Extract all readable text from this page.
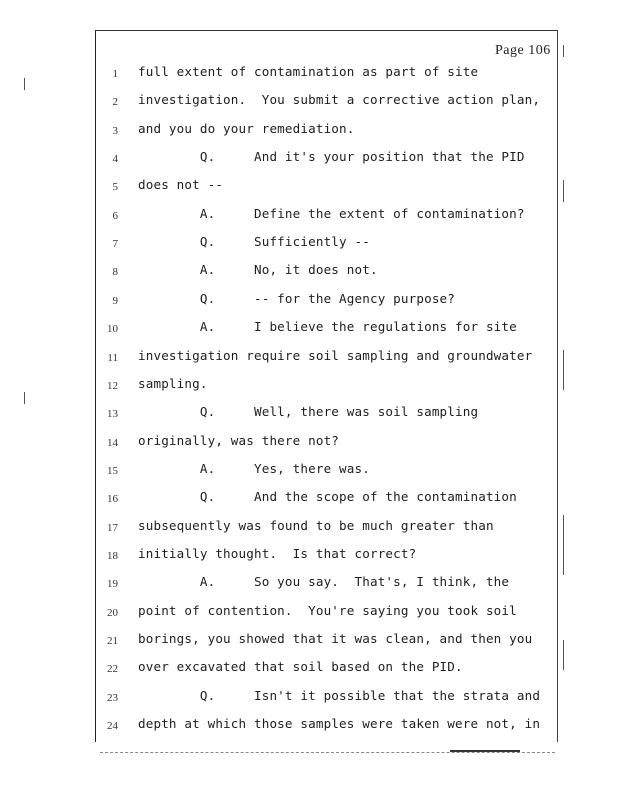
Page 106
1 full extent of contamination as part of site
2 investigation.  You submit a corrective action plan,
3 and you do your remediation.
4 Q.     And it's your position that the PID
5 does not --
6 A.     Define the extent of contamination?
7 Q.     Sufficiently --
8 A.     No, it does not.
9 Q.     -- for the Agency purpose?
10 A.     I believe the regulations for site
11 investigation require soil sampling and groundwater
12 sampling.
13 Q.     Well, there was soil sampling
14 originally, was there not?
15 A.     Yes, there was.
16 Q.     And the scope of the contamination
17 subsequently was found to be much greater than
18 initially thought.  Is that correct?
19 A.     So you say.  That's, I think, the
20 point of contention.  You're saying you took soil
21 borings, you showed that it was clean, and then you
22 over excavated that soil based on the PID.
23 Q.     Isn't it possible that the strata and
24 depth at which those samples were taken were not, in
